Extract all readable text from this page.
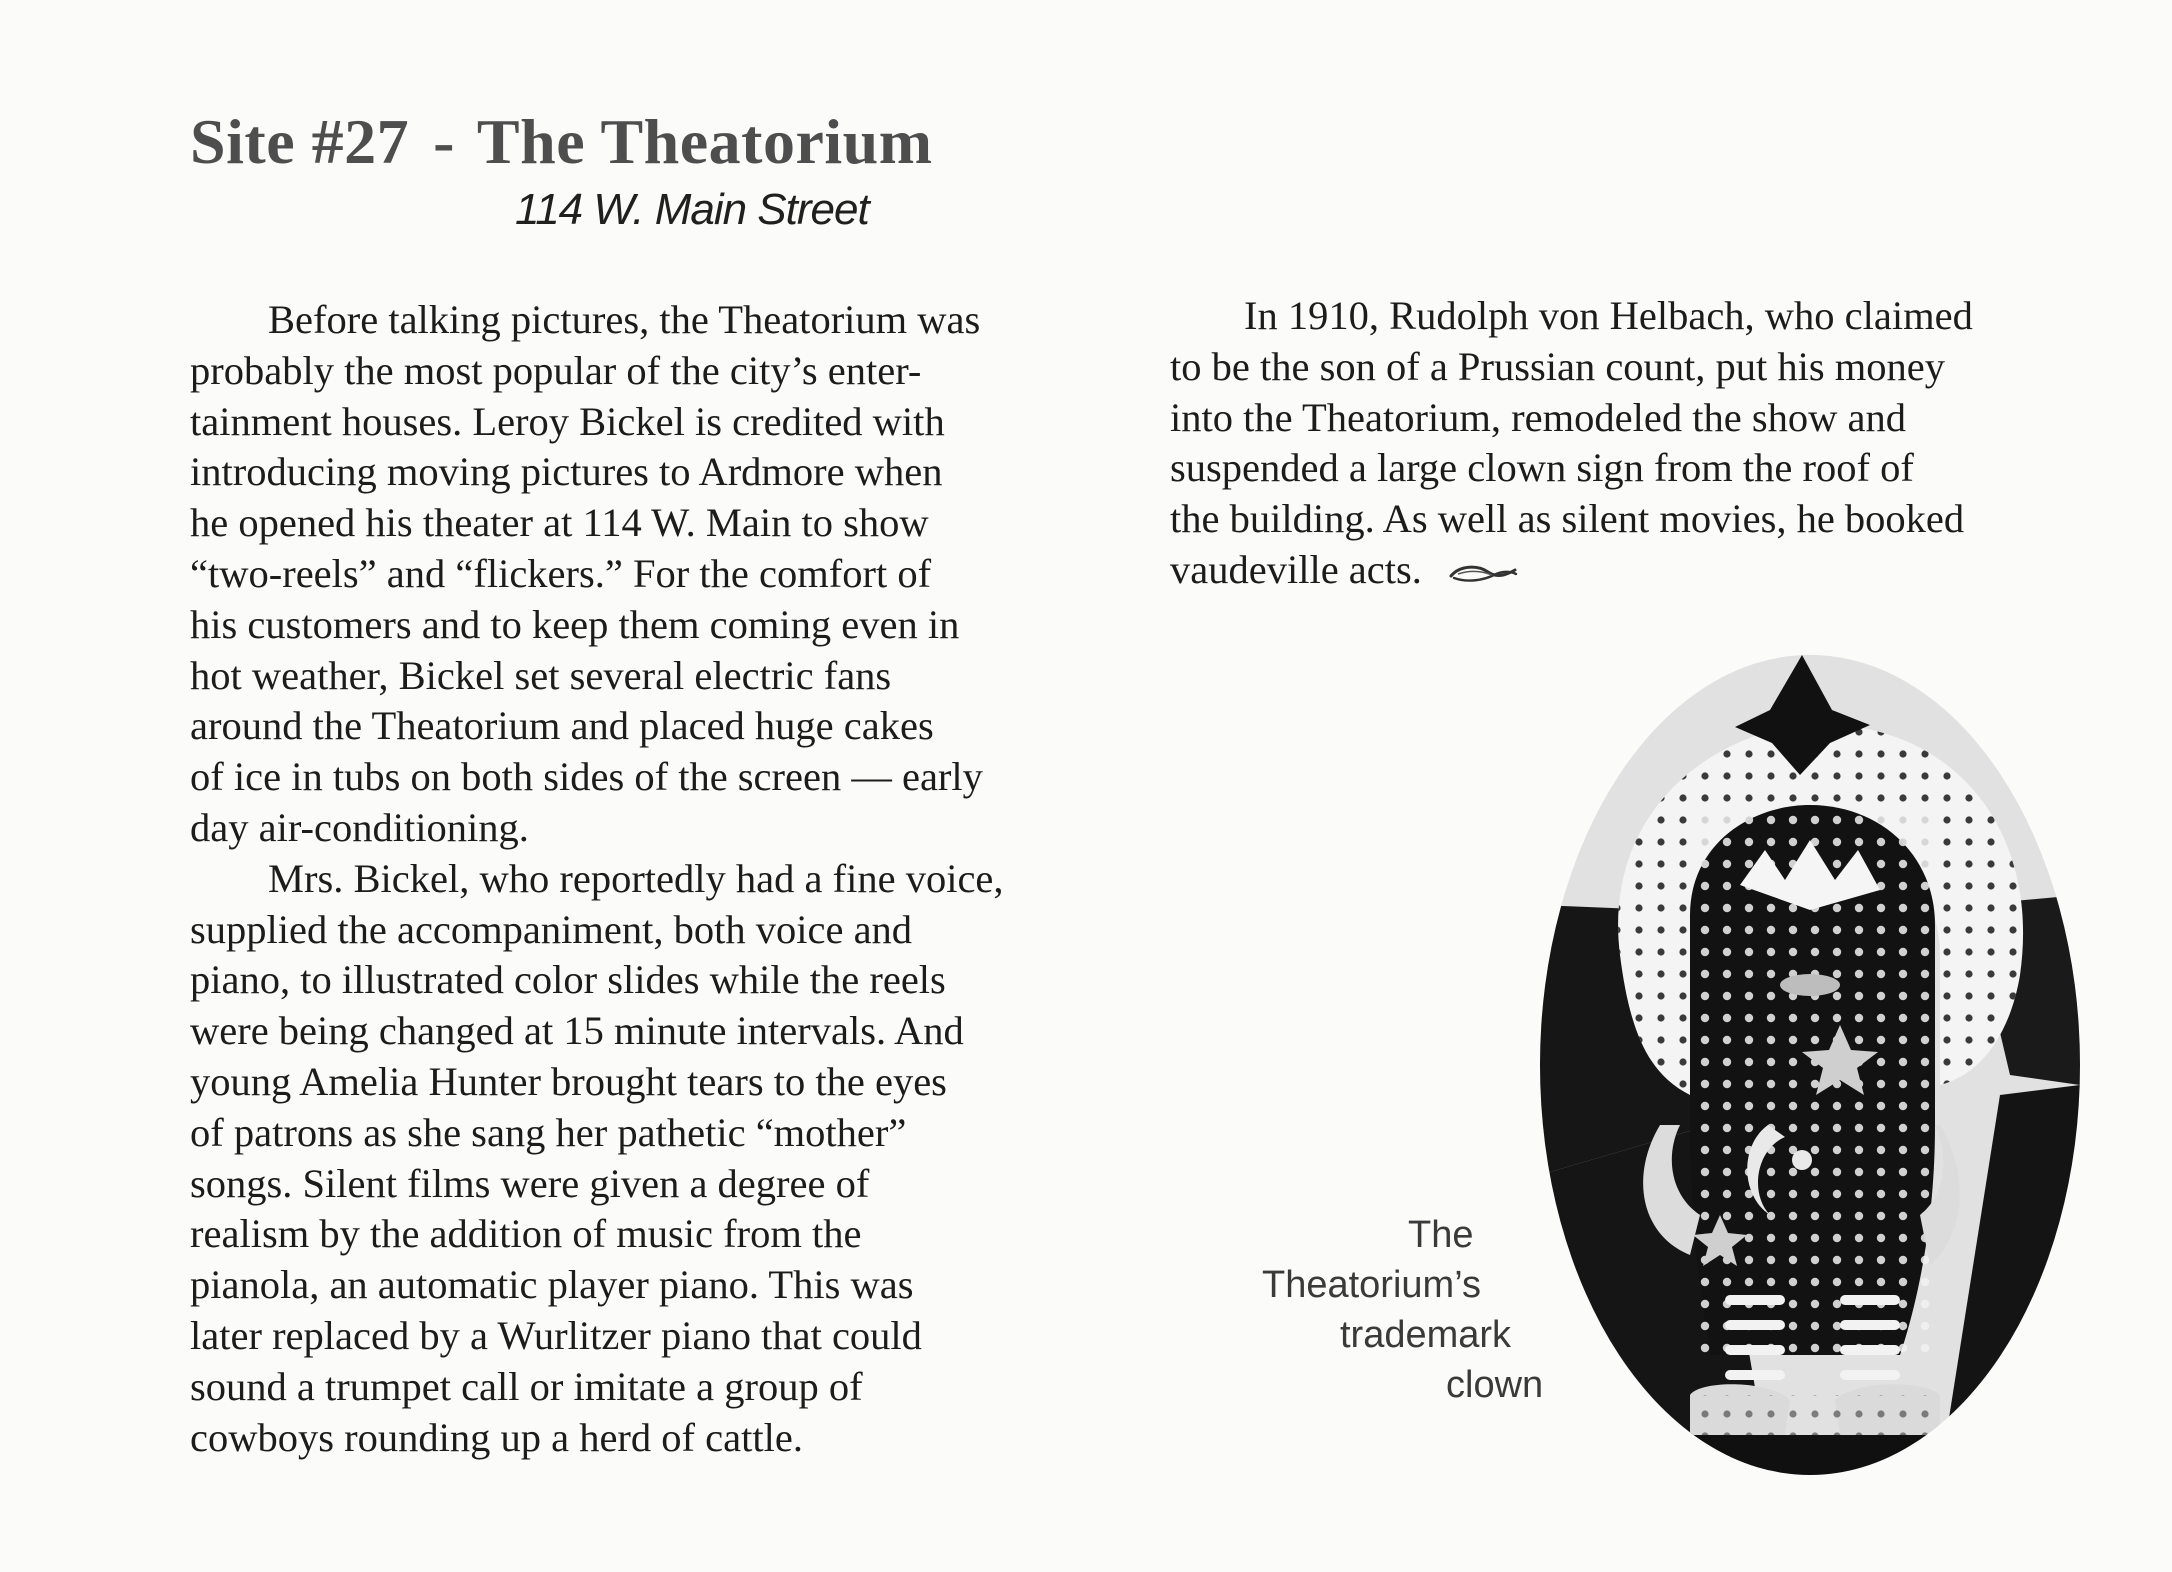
Site #27 - The Theatorium
114 W. Main Street

Before talking pictures, the Theatorium was
probably the most popular of the city’s enter-
tainment houses. Leroy Bickel is credited with
introducing moving pictures to Ardmore when
he opened his theater at 114 W. Main to show
“two-reels” and “flickers.” For the comfort of
his customers and to keep them coming even in
hot weather, Bickel set several electric fans
around the Theatorium and placed huge cakes
of ice in tubs on both sides of the screen — early
day air-conditioning.

Mrs. Bickel, who reportedly had a fine voice,
supplied the accompaniment, both voice and
piano, to illustrated color slides while the reels
were being changed at 15 minute intervals. And
young Amelia Hunter brought tears to the eyes
of patrons as she sang her pathetic “mother”
songs. Silent films were given a degree of
realism by the addition of music from the
pianola, an automatic player piano. This was
later replaced by a Wurlitzer piano that could
sound a trumpet call or imitate a group of
cowboys rounding up a herd of cattle.

In 1910, Rudolph von Helbach, who claimed
to be the son of a Prussian count, put his money
into the Theatorium, remodeled the show and
suspended a large clown sign from the roof of
the building. As well as silent movies, he booked
vaudeville acts.

The
Theatorium’s
trademark
clown
